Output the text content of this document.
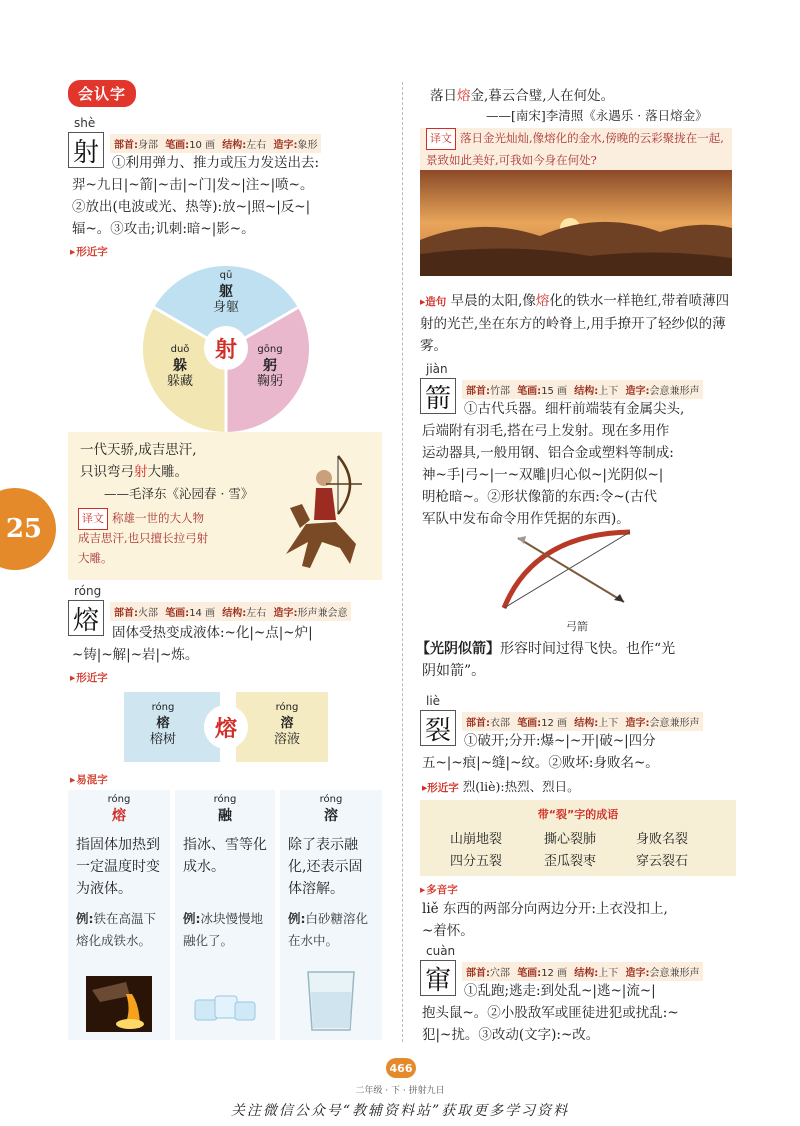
会认字
shè
射	部首:身部 笔画:10 画 结构:左右 造字:象形
①利用弹力、推力或压力发送出去:
羿~九日|~箭|~击|~门|发~|注~|喷~。
②放出(电波或光、热等):放~|照~|反~|
辐~。③攻击;讥刺:暗~|影~。
▸ 形近字
射
qū
躯
身躯
duǒ
躲
躲藏
gōng
躬
鞠躬
一代天骄,成吉思汗,
只识弯弓射大雕。
——毛泽东《沁园春 · 雪》
译文 称雄一世的大人物
成吉思汗,也只擅长拉弓射
大雕。
25
róng
熔	部首:火部 笔画:14 画 结构:左右 造字:形声兼会意
固体受热变成液体:~化|~点|~炉|
~铸|~解|~岩|~炼。
▸ 形近字
熔
róng
榕
榕树
róng
溶
溶液
▸ 易混字
róng
熔
指固体加热到一定温度时变为液体。
例:铁在高温下熔化成铁水。
róng
融
指冰、雪等化成水。
例:冰块慢慢地融化了。
róng
溶
除了表示融化,还表示固体溶解。
例:白砂糖溶化在水中。
落日熔金,暮云合璧,人在何处。
——[南宋]李清照《永遇乐 · 落日熔金》
译文 落日金光灿灿,像熔化的金水,傍晚的云彩聚拢在一起,景致如此美好,可我如今身在何处?
▸造句 早晨的太阳,像熔化的铁水一样艳红,带着喷薄四射的光芒,坐在东方的岭脊上,用手撩开了轻纱似的薄雾。
jiàn
箭	部首:竹部 笔画:15 画 结构:上下 造字:会意兼形声
①古代兵器。细杆前端装有金属尖头,
后端附有羽毛,搭在弓上发射。现在多用作
运动器具,一般用钢、铝合金或塑料等制成:
神~手|弓~|一~双雕|归心似~|光阴似~|
明枪暗~。②形状像箭的东西:令~(古代
军队中发布命令用作凭据的东西)。
弓箭
【光阴似箭】形容时间过得飞快。也作“光
阴如箭”。
liè
裂	部首:衣部 笔画:12 画 结构:上下 造字:会意兼形声
①破开;分开:爆~|~开|破~|四分
五~|~痕|~缝|~纹。②败坏:身败名~。
▸形近字 烈(liè):热烈、烈日。
带“裂”字的成语
山崩地裂	撕心裂肺	身败名裂
四分五裂	歪瓜裂枣	穿云裂石
▸ 多音字
liě 东西的两部分向两边分开:上衣没扣上,
~着怀。
cuàn
窜	部首:穴部 笔画:12 画 结构:上下 造字:会意兼形声
①乱跑;逃走:到处乱~|逃~|流~|
抱头鼠~。②小股敌军或匪徒进犯或扰乱:~
犯|~扰。③改动(文字):~改。
466
二年级 · 下 · 拼射九日
关注微信公众号“教辅资料站”获取更多学习资料
